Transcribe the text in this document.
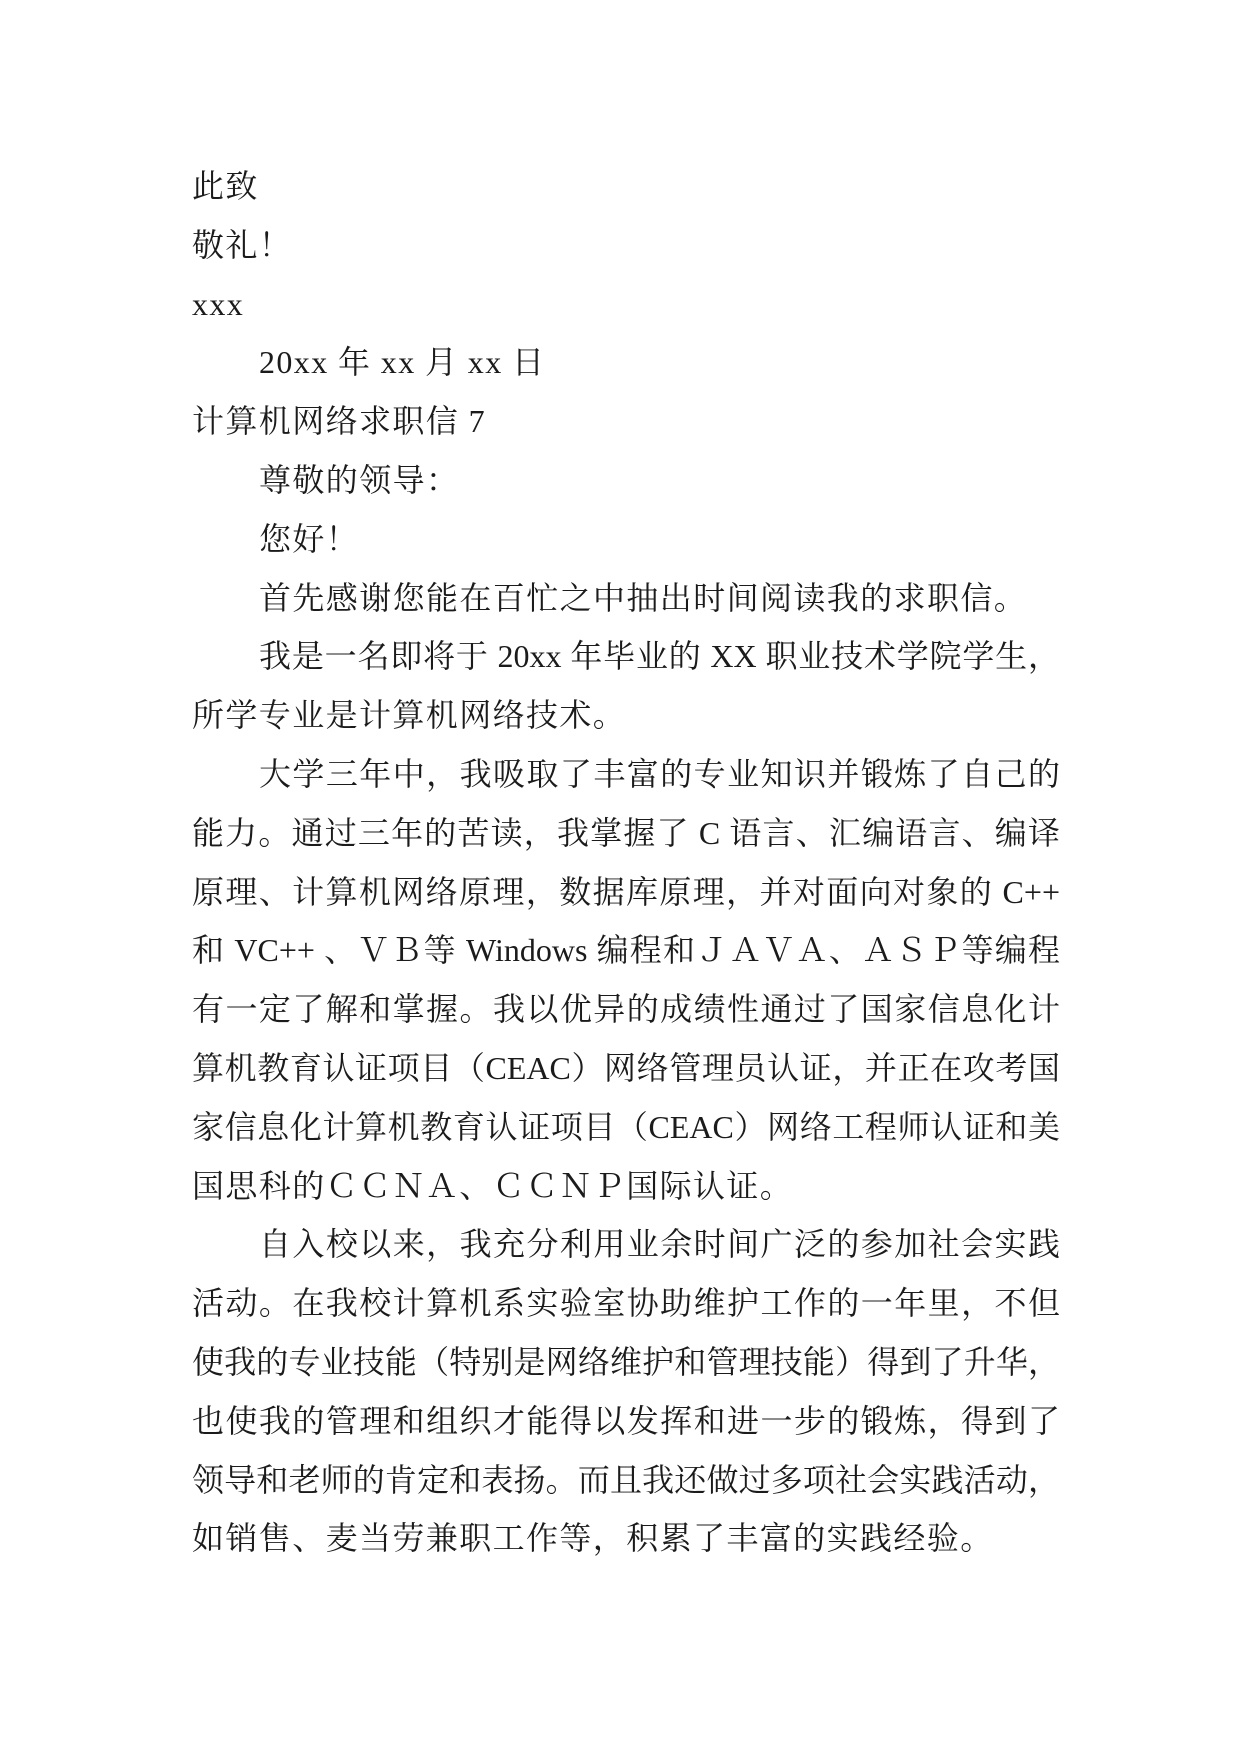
此致
敬礼！
xxx
20xx 年 xx 月 xx 日
计算机网络求职信 7
尊敬的领导：
您好！
首先感谢您能在百忙之中抽出时间阅读我的求职信。
我是一名即将于 20xx 年毕业的 XX 职业技术学院学生，
所学专业是计算机网络技术。
大学三年中，我吸取了丰富的专业知识并锻炼了自己的
能力。通过三年的苦读，我掌握了 C 语言、汇编语言、编译
原理、计算机网络原理，数据库原理，并对面向对象的 C++
和 VC++ 、ＶＢ等 Windows 编程和ＪＡＶＡ、ＡＳＰ等编程
有一定了解和掌握。我以优异的成绩性通过了国家信息化计
算机教育认证项目（CEAC）网络管理员认证，并正在攻考国
家信息化计算机教育认证项目（CEAC）网络工程师认证和美
国思科的ＣＣＮＡ、ＣＣＮＰ国际认证。
自入校以来，我充分利用业余时间广泛的参加社会实践
活动。在我校计算机系实验室协助维护工作的一年里，不但
使我的专业技能（特别是网络维护和管理技能）得到了升华，
也使我的管理和组织才能得以发挥和进一步的锻炼，得到了
领导和老师的肯定和表扬。而且我还做过多项社会实践活动，
如销售、麦当劳兼职工作等，积累了丰富的实践经验。
